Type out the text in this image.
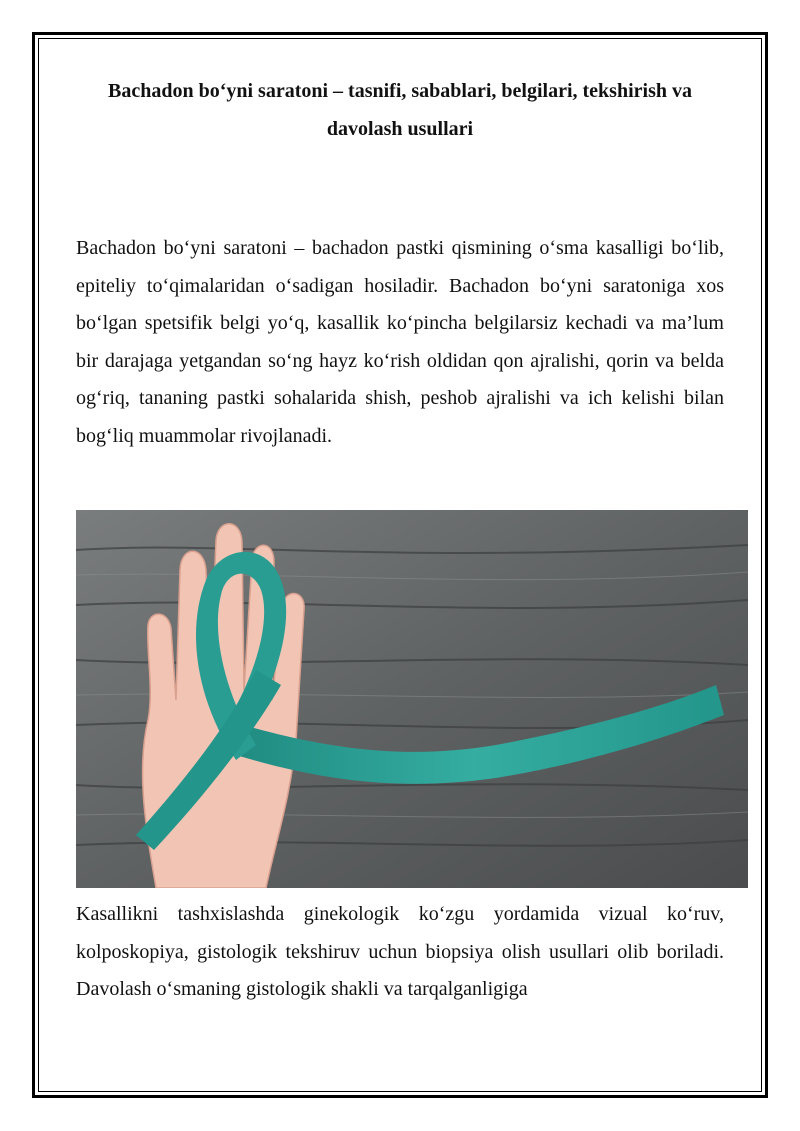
Bachadon bo‘yni saratoni – tasnifi, sabablari, belgilari, tekshirish va davolash usullari
Bachadon bo‘yni saratoni – bachadon pastki qismining o‘sma kasalligi bo‘lib, epiteliy to‘qimalaridan o‘sadigan hosiladir. Bachadon bo‘yni saratoniga xos bo‘lgan spetsifik belgi yo‘q, kasallik ko‘pincha belgilarsiz kechadi va ma’lum bir darajaga yetgandan so‘ng hayz ko‘rish oldidan qon ajralishi, qorin va belda og‘riq, tananing pastki sohalarida shish, peshob ajralishi va ich kelishi bilan bog‘liq muammolar rivojlanadi.
Kasallikni tashxislashda ginekologik ko‘zgu yordamida vizual ko‘ruv, kolposkopiya, gistologik tekshiruv uchun biopsiya olish usullari olib boriladi. Davolash o‘smaning gistologik shakli va tarqalganligiga
